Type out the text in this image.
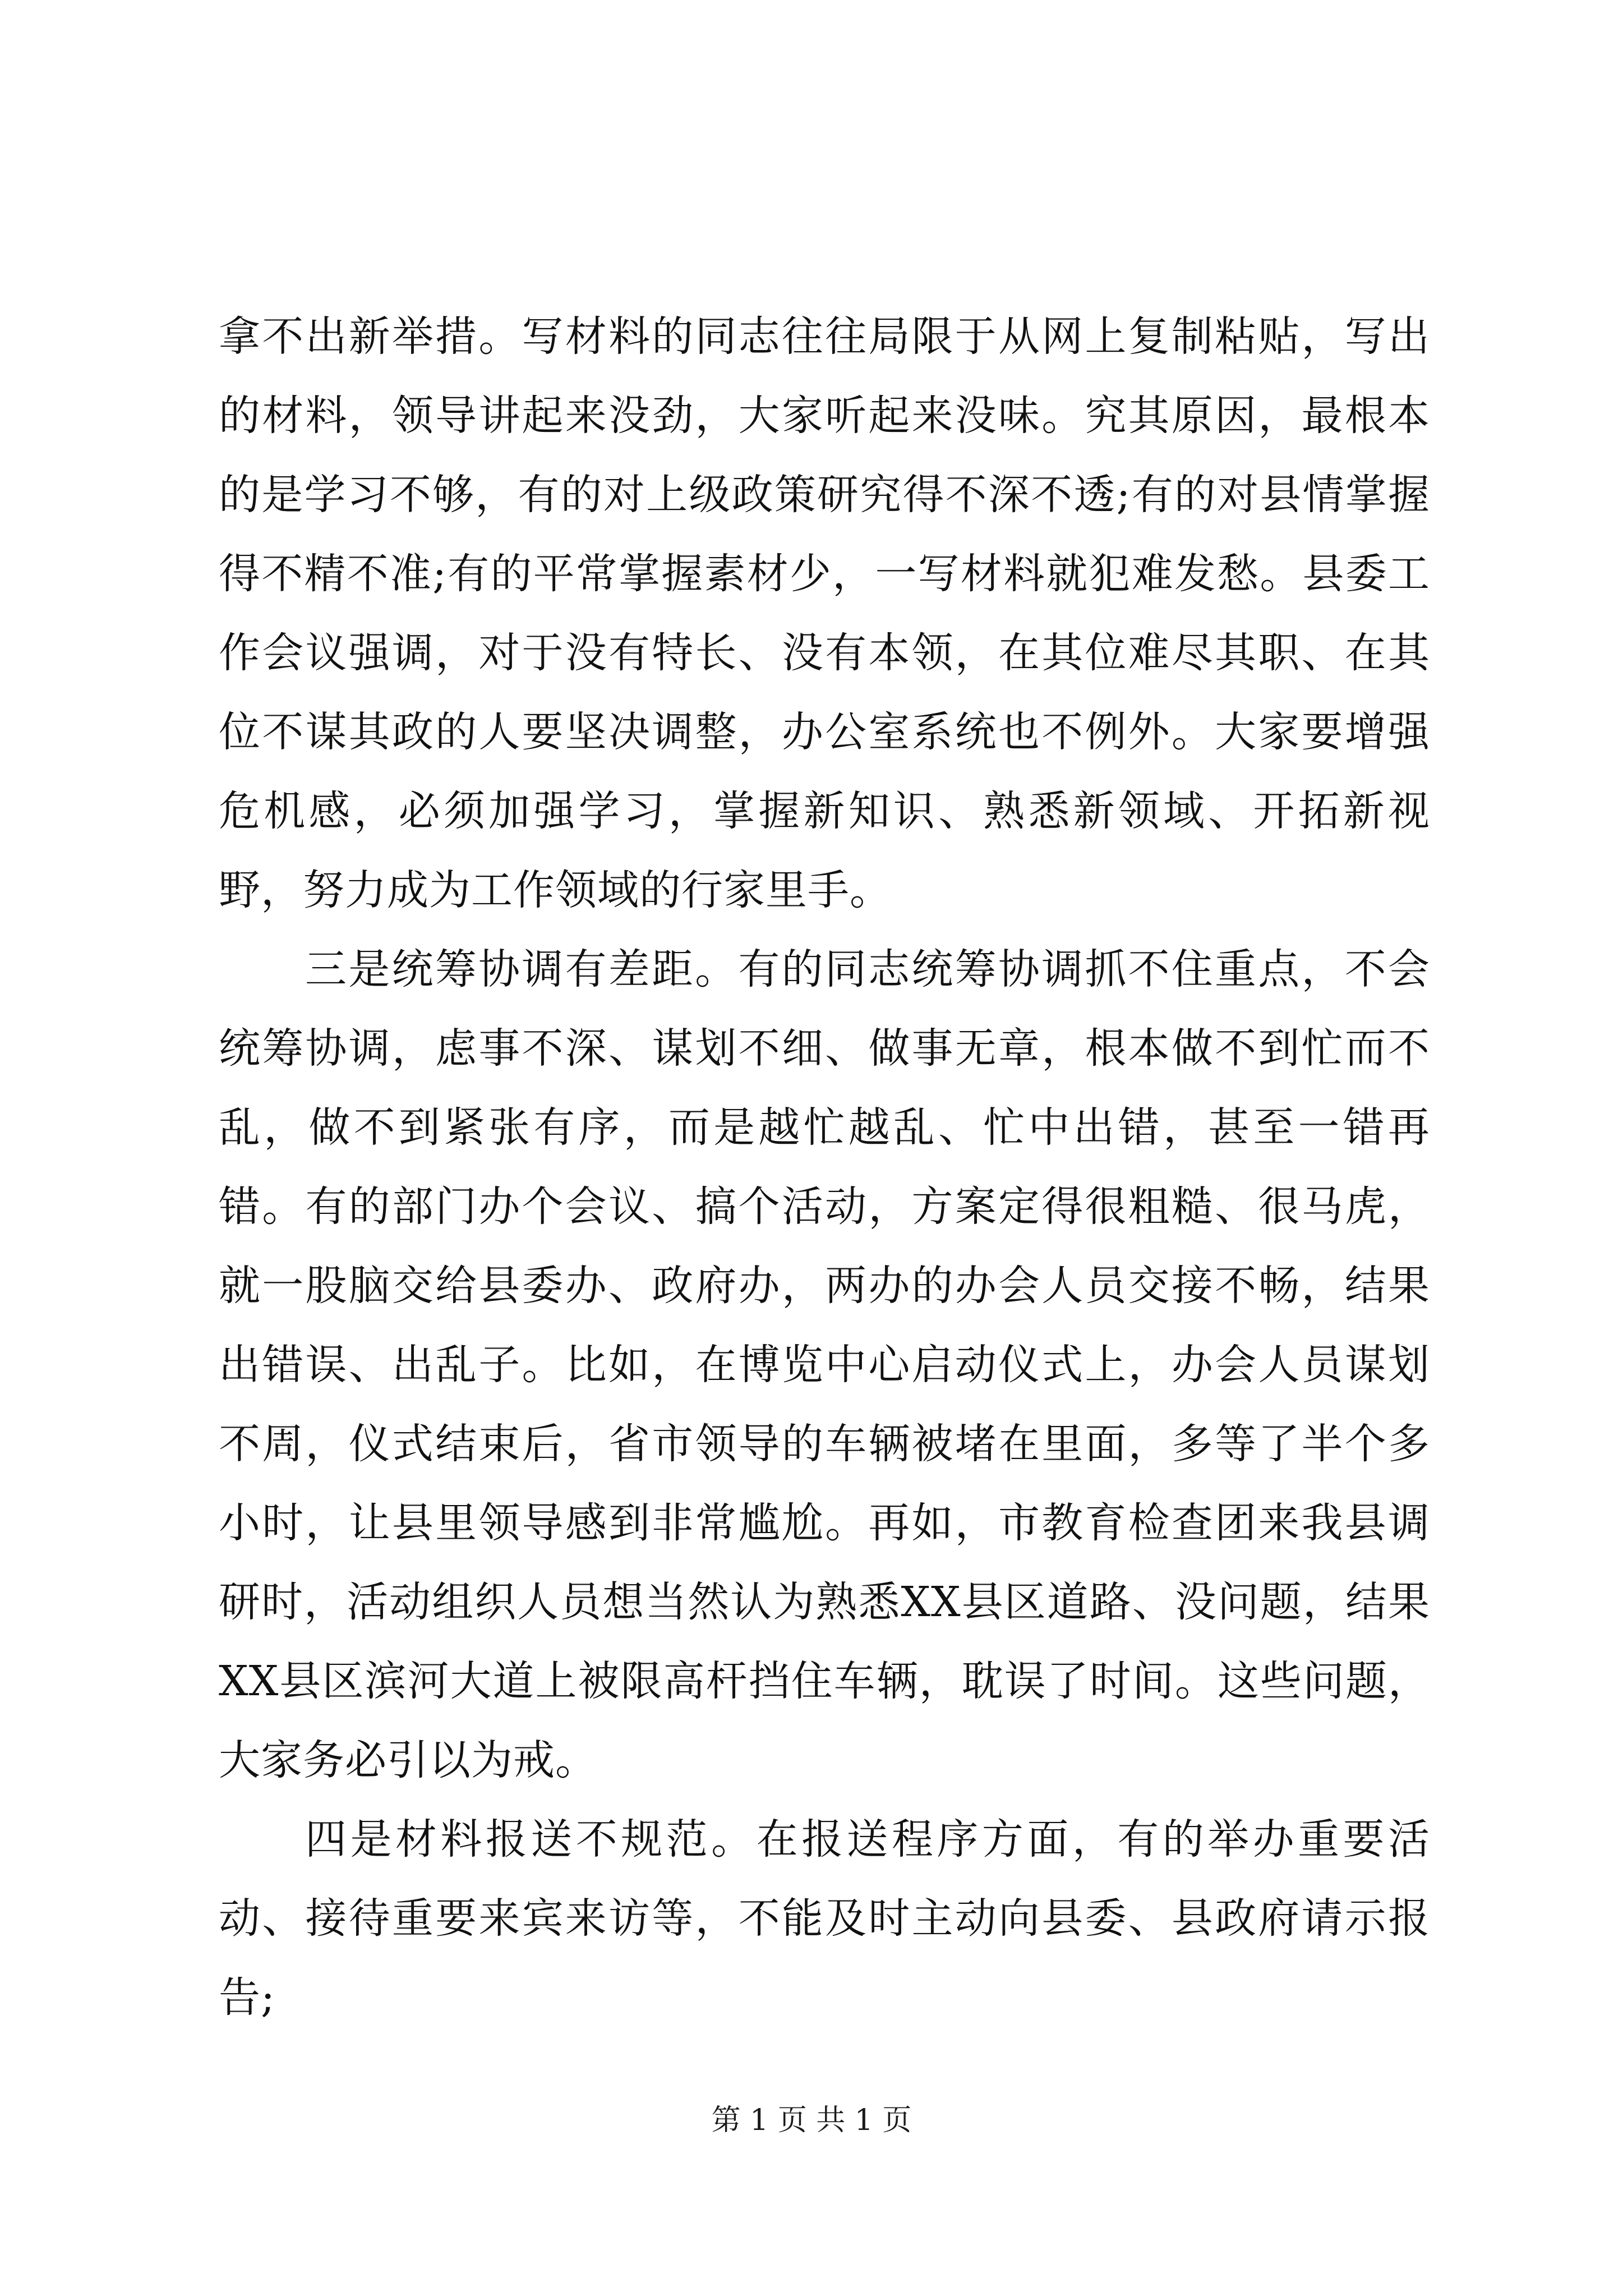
拿不出新举措。写材料的同志往往局限于从网上复制粘贴，写出的材料，领导讲起来没劲，大家听起来没味。究其原因，最根本的是学习不够，有的对上级政策研究得不深不透;有的对县情掌握得不精不准;有的平常掌握素材少，一写材料就犯难发愁。县委工作会议强调，对于没有特长、没有本领，在其位难尽其职、在其位不谋其政的人要坚决调整，办公室系统也不例外。大家要增强危机感，必须加强学习，掌握新知识、熟悉新领域、开拓新视野，努力成为工作领域的行家里手。

三是统筹协调有差距。有的同志统筹协调抓不住重点，不会统筹协调，虑事不深、谋划不细、做事无章，根本做不到忙而不乱，做不到紧张有序，而是越忙越乱、忙中出错，甚至一错再错。有的部门办个会议、搞个活动，方案定得很粗糙、很马虎，就一股脑交给县委办、政府办，两办的办会人员交接不畅，结果出错误、出乱子。比如，在博览中心启动仪式上，办会人员谋划不周，仪式结束后，省市领导的车辆被堵在里面，多等了半个多小时，让县里领导感到非常尴尬。再如，市教育检查团来我县调研时，活动组织人员想当然认为熟悉XX县区道路、没问题，结果XX县区滨河大道上被限高杆挡住车辆，耽误了时间。这些问题，大家务必引以为戒。

四是材料报送不规范。在报送程序方面，有的举办重要活动、接待重要来宾来访等，不能及时主动向县委、县政府请示报告;

第 1 页 共 1 页
